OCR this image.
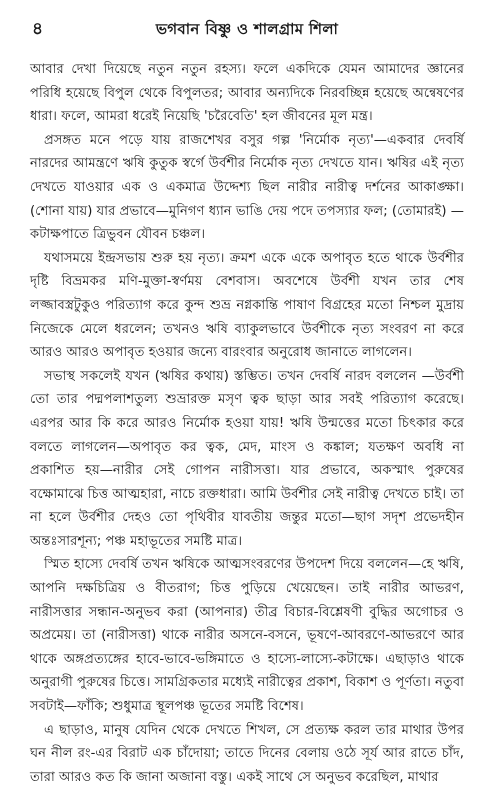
৪	ভগবান বিষ্ণু ও শালগ্রাম শিলা

আবার দেখা দিয়েছে নতুন নতুন রহস্য। ফলে একদিকে যেমন আমাদের জ্ঞানের পরিধি হয়েছে বিপুল থেকে বিপুলতর; আবার অন্যদিকে নিরবচ্ছিন্ন হয়েছে অন্বেষণের ধারা। ফলে, আমরা ধরেই নিয়েছি 'চরৈবেতি' হল জীবনের মূল মন্ত্র।

প্রসঙ্গত মনে পড়ে যায় রাজশেখর বসুর গল্প 'নির্মোক নৃত্য'—একবার দেবর্ষি নারদের আমন্ত্রণে ঋষি কুতুক স্বর্গে উর্বশীর নির্মোক নৃত্য দেখতে যান। ঋষির এই নৃত্য দেখতে যাওয়ার এক ও একমাত্র উদ্দেশ্য ছিল নারীর নারীত্ব দর্শনের আকাঙ্ক্ষা। (শোনা যায়) যার প্রভাবে—মুনিগণ ধ্যান ভাঙি দেয় পদে তপস্যার ফল; (তোমারই) —কটাক্ষপাতে ত্রিভুবন যৌবন চঞ্চল।

যথাসময়ে ইন্দ্রসভায় শুরু হয় নৃত্য। ক্রমশ একে একে অপাবৃত হতে থাকে উর্বশীর দৃষ্টি বিভ্রমকর মণি-মুক্তা-স্বর্ণময় বেশবাস। অবশেষে উর্বশী যখন তার শেষ লজ্জাবস্ত্রটুকুও পরিত্যাগ করে কুন্দ শুভ্র নগ্নকান্তি পাষাণ বিগ্রহের মতো নিশ্চল মুদ্রায় নিজেকে মেলে ধরলেন; তখনও ঋষি ব্যাকুলভাবে উর্বশীকে নৃত্য সংবরণ না করে আরও আরও অপাবৃত হওয়ার জন্যে বারংবার অনুরোধ জানাতে লাগলেন।

সভাস্থ সকলেই যখন (ঋষির কথায়) স্তম্ভিত। তখন দেবর্ষি নারদ বললেন —উর্বশী তো তার পদ্মপলাশতুল্য শুভ্রারক্ত মসৃণ ত্বক ছাড়া আর সবই পরিত্যাগ করেছে। এরপর আর কি করে আরও নির্মোক হওয়া যায়! ঋষি উন্মত্তের মতো চিৎকার করে বলতে লাগলেন—অপাবৃত কর ত্বক, মেদ, মাংস ও কঙ্কাল; যতক্ষণ অবধি না প্রকাশিত হয়—নারীর সেই গোপন নারীসত্তা। যার প্রভাবে, অকস্মাৎ পুরুষের বক্ষোমাঝে চিত্ত আত্মহারা, নাচে রক্তধারা। আমি উর্বশীর সেই নারীত্ব দেখতে চাই। তা না হলে উর্বশীর দেহও তো পৃথিবীর যাবতীয় জন্তুর মতো—ছাগ সদৃশ প্রভেদহীন অন্তঃসারশূন্য; পঞ্চ মহাভূতের সমষ্টি মাত্র।

স্মিত হাস্যে দেবর্ষি তখন ঋষিকে আত্মসংবরণের উপদেশ দিয়ে বললেন—হে ঋষি, আপনি দক্ষচিত্রিয় ও বীতরাগ; চিত্ত পুড়িয়ে খেয়েছেন। তাই নারীর আভরণ, নারীসত্তার সন্ধান-অনুভব করা (আপনার) তীব্র বিচার-বিশ্লেষণী বুদ্ধির অগোচর ও অপ্রমেয়। তা (নারীসত্তা) থাকে নারীর অসনে-বসনে, ভূষণে-আবরণে-আভরণে আর থাকে অঙ্গপ্রত্যঙ্গের হাবে-ভাবে-ভঙ্গিমাতে ও হাস্যে-লাস্যে-কটাক্ষে। এছাড়াও থাকে অনুরাগী পুরুষের চিত্তে। সামগ্রিকতার মধ্যেই নারীত্বের প্রকাশ, বিকাশ ও পূর্ণতা। নতুবা সবটাই—ফাঁকি; শুধুমাত্র স্থূলপঞ্চ ভূতের সমষ্টি বিশেষ।

এ ছাড়াও, মানুষ যেদিন থেকে দেখতে শিখল, সে প্রত্যক্ষ করল তার মাথার উপর ঘন নীল রং-এর বিরাট এক চাঁদোয়া; তাতে দিনের বেলায় ওঠে সূর্য আর রাতে চাঁদ, তারা আরও কত কি জানা অজানা বস্তু। একই সাথে সে অনুভব করেছিল, মাথার
